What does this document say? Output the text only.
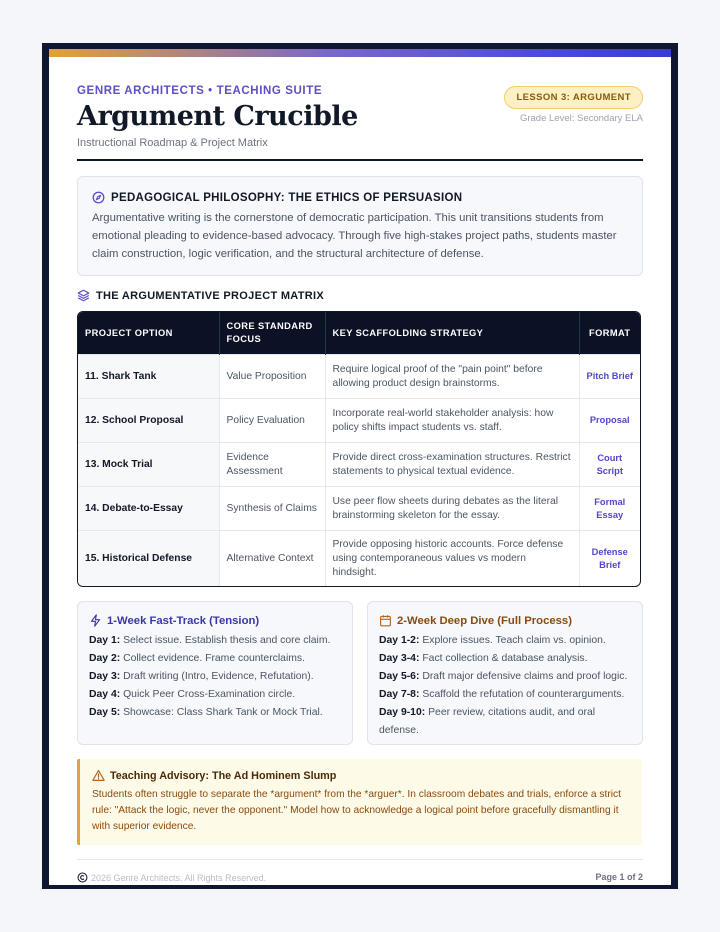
GENRE ARCHITECTS • TEACHING SUITE
Argument Crucible
Instructional Roadmap & Project Matrix
LESSON 3: ARGUMENT
Grade Level: Secondary ELA
PEDAGOGICAL PHILOSOPHY: THE ETHICS OF PERSUASION
Argumentative writing is the cornerstone of democratic participation. This unit transitions students from emotional pleading to evidence-based advocacy. Through five high-stakes project paths, students master claim construction, logic verification, and the structural architecture of defense.
THE ARGUMENTATIVE PROJECT MATRIX
PROJECT OPTION	CORE STANDARD FOCUS	KEY SCAFFOLDING STRATEGY	FORMAT
11. Shark Tank	Value Proposition	Require logical proof of the "pain point" before allowing product design brainstorms.	Pitch Brief
12. School Proposal	Policy Evaluation	Incorporate real-world stakeholder analysis: how policy shifts impact students vs. staff.	Proposal
13. Mock Trial	Evidence Assessment	Provide direct cross-examination structures. Restrict statements to physical textual evidence.	Court Script
14. Debate-to-Essay	Synthesis of Claims	Use peer flow sheets during debates as the literal brainstorming skeleton for the essay.	Formal Essay
15. Historical Defense	Alternative Context	Provide opposing historic accounts. Force defense using contemporaneous values vs modern hindsight.	Defense Brief
1-Week Fast-Track (Tension)
Day 1: Select issue. Establish thesis and core claim.
Day 2: Collect evidence. Frame counterclaims.
Day 3: Draft writing (Intro, Evidence, Refutation).
Day 4: Quick Peer Cross-Examination circle.
Day 5: Showcase: Class Shark Tank or Mock Trial.
2-Week Deep Dive (Full Process)
Day 1-2: Explore issues. Teach claim vs. opinion.
Day 3-4: Fact collection & database analysis.
Day 5-6: Draft major defensive claims and proof logic.
Day 7-8: Scaffold the refutation of counterarguments.
Day 9-10: Peer review, citations audit, and oral defense.
Teaching Advisory: The Ad Hominem Slump
Students often struggle to separate the *argument* from the *arguer*. In classroom debates and trials, enforce a strict rule: "Attack the logic, never the opponent." Model how to acknowledge a logical point before gracefully dismantling it with superior evidence.
2026 Genre Architects. All Rights Reserved.	Page 1 of 2
